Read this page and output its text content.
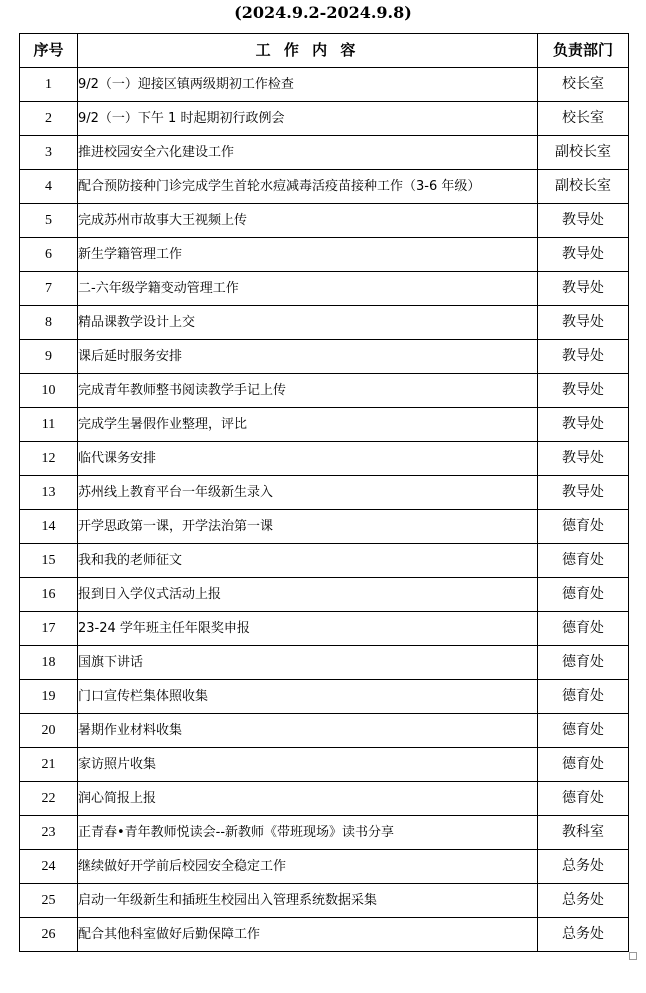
(2024.9.2-2024.9.8)
序号	工 作 内 容	负责部门
1	9/2（一）迎接区镇两级期初工作检查	校长室
2	9/2（一）下午 1 时起期初行政例会	校长室
3	推进校园安全六化建设工作	副校长室
4	配合预防接种门诊完成学生首轮水痘减毒活疫苗接种工作（3-6 年级）	副校长室
5	完成苏州市故事大王视频上传	教导处
6	新生学籍管理工作	教导处
7	二-六年级学籍变动管理工作	教导处
8	精品课教学设计上交	教导处
9	课后延时服务安排	教导处
10	完成青年教师整书阅读教学手记上传	教导处
11	完成学生暑假作业整理，评比	教导处
12	临代课务安排	教导处
13	苏州线上教育平台一年级新生录入	教导处
14	开学思政第一课，开学法治第一课	德育处
15	我和我的老师征文	德育处
16	报到日入学仪式活动上报	德育处
17	23-24 学年班主任年限奖申报	德育处
18	国旗下讲话	德育处
19	门口宣传栏集体照收集	德育处
20	暑期作业材料收集	德育处
21	家访照片收集	德育处
22	润心简报上报	德育处
23	正青春•青年教师悦读会--新教师《带班现场》读书分享	教科室
24	继续做好开学前后校园安全稳定工作	总务处
25	启动一年级新生和插班生校园出入管理系统数据采集	总务处
26	配合其他科室做好后勤保障工作	总务处
